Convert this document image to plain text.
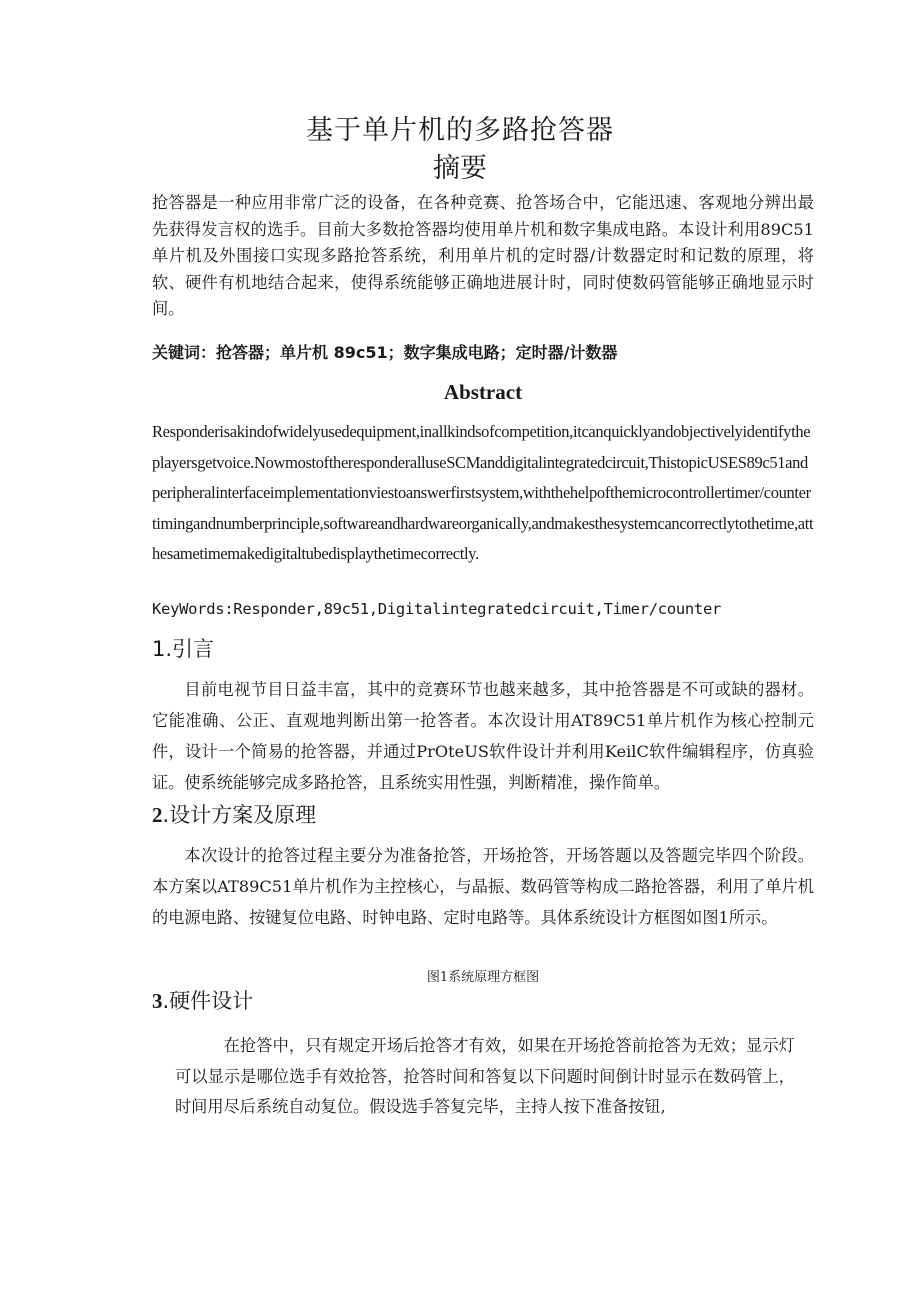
基于单片机的多路抢答器
摘要

抢答器是一种应用非常广泛的设备，在各种竞赛、抢答场合中，它能迅速、客观地分辨出最先获得发言权的选手。目前大多数抢答器均使用单片机和数字集成电路。本设计利用89C51单片机及外围接口实现多路抢答系统，利用单片机的定时器/计数器定时和记数的原理，将软、硬件有机地结合起来，使得系统能够正确地进展计时，同时使数码管能够正确地显示时间。

关键词：抢答器；单片机 89c51；数字集成电路；定时器/计数器

Abstract

Responderisakindofwidelyusedequipment,inallkindsofcompetition,itcanquicklyandobjectivelyidentifytheplayersgetvoice.NowmostoftheresponderalluseSCManddigitalintegratedcircuit,ThistopicUSES89c51andperipheralinterfaceimplementationviestoanswerfirstsystem,withthehelpofthemicrocontrollertimer/countertimingandnumberprinciple,softwareandhardwareorganically,andmakesthesystemcancorrectlytothetime,atthesametimemakedigitaltubedisplaythetimecorrectly.

KeyWords:Responder,89c51,Digitalintegratedcircuit,Timer/counter

1.引言

目前电视节目日益丰富，其中的竞赛环节也越来越多，其中抢答器是不可或缺的器材。它能准确、公正、直观地判断出第一抢答者。本次设计用AT89C51单片机作为核心控制元件，设计一个简易的抢答器，并通过PrOteUS软件设计并利用KeilC软件编辑程序，仿真验证。使系统能够完成多路抢答，且系统实用性强，判断精准，操作简单。

2.设计方案及原理

本次设计的抢答过程主要分为准备抢答，开场抢答，开场答题以及答题完毕四个阶段。本方案以AT89C51单片机作为主控核心，与晶振、数码管等构成二路抢答器，利用了单片机的电源电路、按键复位电路、时钟电路、定时电路等。具体系统设计方框图如图1所示。

图1系统原理方框图

3.硬件设计

在抢答中，只有规定开场后抢答才有效，如果在开场抢答前抢答为无效；显示灯可以显示是哪位选手有效抢答，抢答时间和答复以下问题时间倒计时显示在数码管上，时间用尽后系统自动复位。假设选手答复完毕，主持人按下准备按钮,
